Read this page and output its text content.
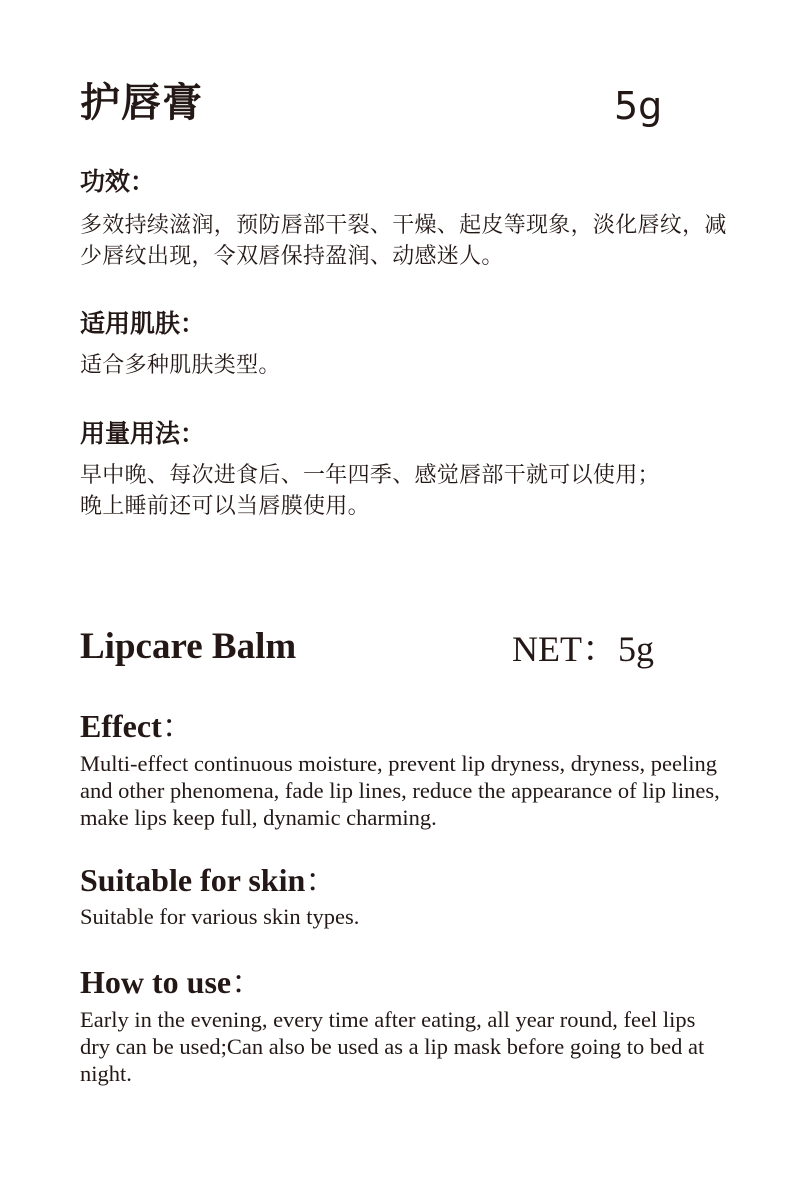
护唇膏	5g
功效：

多效持续滋润，预防唇部干裂、干燥、起皮等现象，淡化唇纹，减少唇纹出现，令双唇保持盈润、动感迷人。

适用肌肤：

适合多种肌肤类型。

用量用法：
早中晚、每次进食后、一年四季、感觉唇部干就可以使用；
晚上睡前还可以当唇膜使用。
Lipcare Balm	NET：5g
Effect：

Multi-effect continuous moisture, prevent lip dryness, dryness, peeling and other phenomena, fade lip lines, reduce the appearance of lip lines, make lips keep full, dynamic charming.

Suitable for skin：

Suitable for various skin types.

How to use：

Early in the evening, every time after eating, all year round, feel lips dry can be used;Can also be used as a lip mask before going to bed at night.
